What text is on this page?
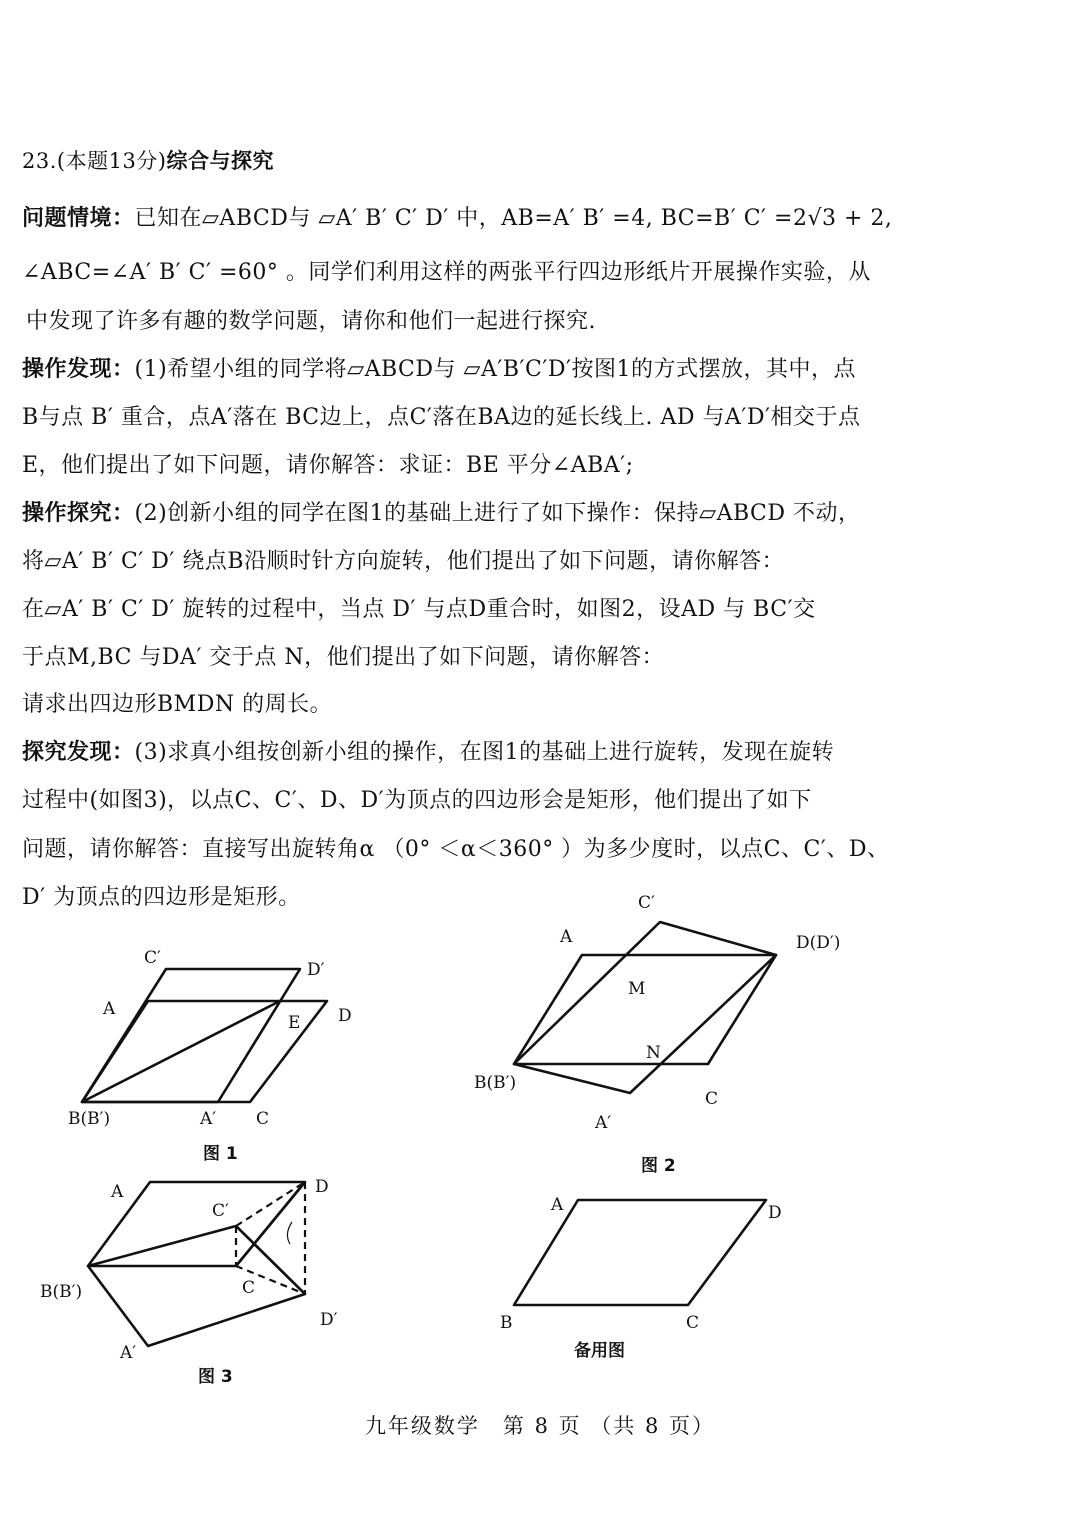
23.(本题13分)综合与探究
问题情境：已知在▱ABCD与 ▱A′ B′ C′ D′ 中，AB=A′ B′ =4, BC=B′ C′ =2√3 + 2,
∠ABC=∠A′ B′ C′ =60° 。同学们利用这样的两张平行四边形纸片开展操作实验，从
中发现了许多有趣的数学问题，请你和他们一起进行探究.
操作发现：(1)希望小组的同学将▱ABCD与 ▱A′B′C′D′按图1的方式摆放，其中，点
B与点 B′ 重合，点A′落在 BC边上，点C′落在BA边的延长线上. AD 与A′D′相交于点
E，他们提出了如下问题，请你解答：求证：BE 平分∠ABA′;
操作探究：(2)创新小组的同学在图1的基础上进行了如下操作：保持▱ABCD 不动，
将▱A′ B′ C′ D′ 绕点B沿顺时针方向旋转，他们提出了如下问题，请你解答：
在▱A′ B′ C′ D′ 旋转的过程中，当点 D′ 与点D重合时，如图2，设AD 与 BC′交
于点M,BC 与DA′ 交于点 N，他们提出了如下问题，请你解答：
请求出四边形BMDN 的周长。
探究发现：(3)求真小组按创新小组的操作，在图1的基础上进行旋转，发现在旋转
过程中(如图3)，以点C、C′、D、D′为顶点的四边形会是矩形，他们提出了如下
问题，请你解答：直接写出旋转角α （0° ＜α＜360° ）为多少度时，以点C、C′、D、
D′ 为顶点的四边形是矩形。
C′
D′
A
E D
B(B′)	A′ C
图 1
C′
A	D(D′)
M
N
B(B′)
C
A′
图 2
A	D
C′
B(B′)	C
D′
A′
图 3
A	D
B	C
备用图
九年级数学　第 8 页 （共 8 页）
